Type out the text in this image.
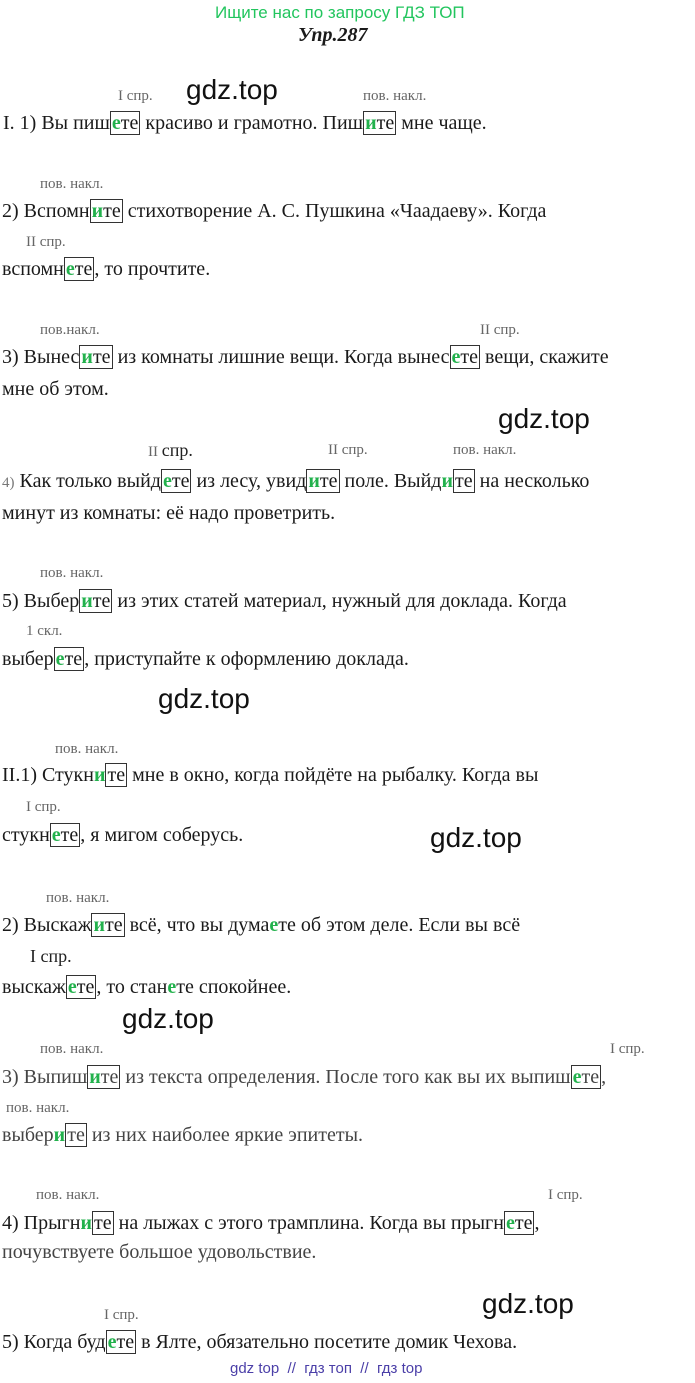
Ищите нас по запросу ГДЗ ТОП
Упр.287
gdz.top
gdz.top
gdz.top
gdz.top
gdz.top
gdz.top
I спр.	пов. накл.
I. 1) Вы пиш ете красиво и грамотно. Пиш ите мне чаще.
пов. накл.
2) Вспомн ите стихотворение А. С. Пушкина «Чаадаеву». Когда
II спр.
вспомн ете , то прочтите.
пов.накл.	II спр.
3) Вынес ите из комнаты лишние вещи. Когда вынес ете вещи, скажите
мне об этом.
II спр.	II спр.	пов. накл.
4) Как только выйд ете из лесу, увид ите поле. Выйди те на несколько
минут из комнаты: её надо проветрить.
пов. накл.
5) Выбер ите из этих статей материал, нужный для доклада. Когда
1 скл.
выбер ете , приступайте к оформлению доклада.
пов. накл.
II.1) Стукни те мне в окно, когда пойдёте на рыбалку. Когда вы
I спр.
стукн ете , я мигом соберусь.
пов. накл.
2) Выскаж ите всё, что вы думаете об этом деле. Если вы всё
I спр.
выскаж ете , то станете спокойнее.
пов. накл.	I спр.
3) Выпиш ите из текста определения. После того как вы их выпиш ете ,
пов. накл.
выбери те из них наиболее яркие эпитеты.
пов. накл.	I спр.
4) Прыгни те на лыжах с этого трамплина. Когда вы прыгн ете ,
почувствуете большое удовольствие.
I спр.
5) Когда буд ете в Ялте, обязательно посетите домик Чехова.
gdz top  //  гдз топ  //  гдз top
